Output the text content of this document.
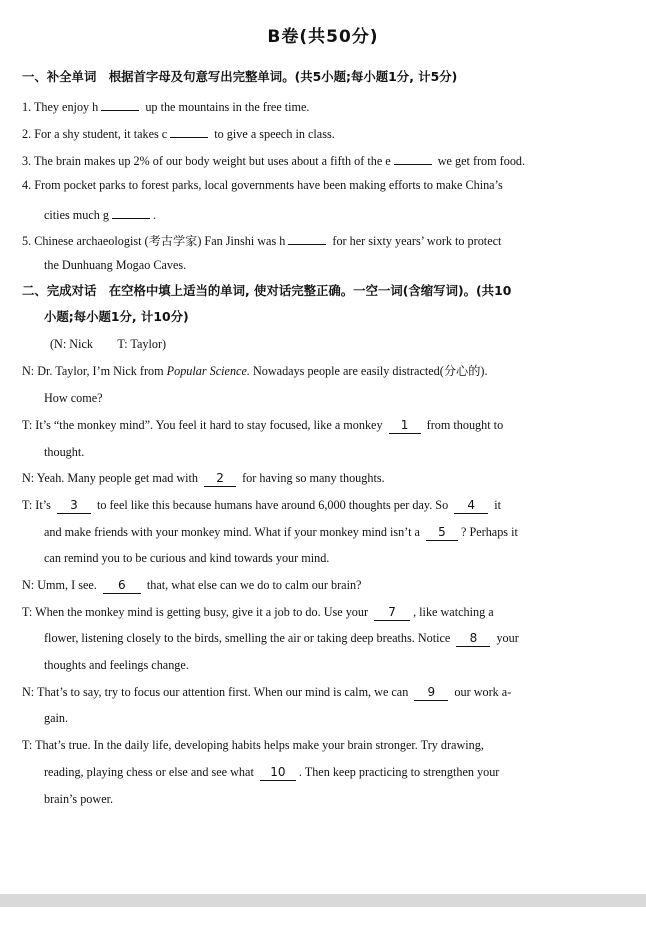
B卷(共50分)
一、补全单词　根据首字母及句意写出完整单词。(共5小题;每小题1分, 计5分)
1. They enjoy h	up the mountains in the free time.
2. For a shy student, it takes c	to give a speech in class.
3. The brain makes up 2% of our body weight but uses about a fifth of the e	we get from food.
4. From pocket parks to forest parks, local governments have been making efforts to make China’s
cities much g	.
5. Chinese archaeologist (考古学家) Fan Jinshi was h	for her sixty years’ work to protect
the Dunhuang Mogao Caves.
二、完成对话　在空格中填上适当的单词, 使对话完整正确。一空一词(含缩写词)。(共10
小题;每小题1分, 计10分)
(N: Nick　　T: Taylor)
N: Dr. Taylor, I’m Nick from Popular Science. Nowadays people are easily distracted(分心的).
How come?
T: It’s “the monkey mind”. You feel it hard to stay focused, like a monkey 1 from thought to
thought.
N: Yeah. Many people get mad with 2 for having so many thoughts.
T: It’s 3 to feel like this because humans have around 6,000 thoughts per day. So 4 it
and make friends with your monkey mind. What if your monkey mind isn’t a 5 ? Perhaps it
can remind you to be curious and kind towards your mind.
N: Umm, I see. 6 that, what else can we do to calm our brain?
T: When the monkey mind is getting busy, give it a job to do. Use your 7 , like watching a
flower, listening closely to the birds, smelling the air or taking deep breaths. Notice 8 your
thoughts and feelings change.
N: That’s to say, try to focus our attention first. When our mind is calm, we can 9 our work a-
gain.
T: That’s true. In the daily life, developing habits helps make your brain stronger. Try drawing,
reading, playing chess or else and see what 10 . Then keep practicing to strengthen your
brain’s power.
